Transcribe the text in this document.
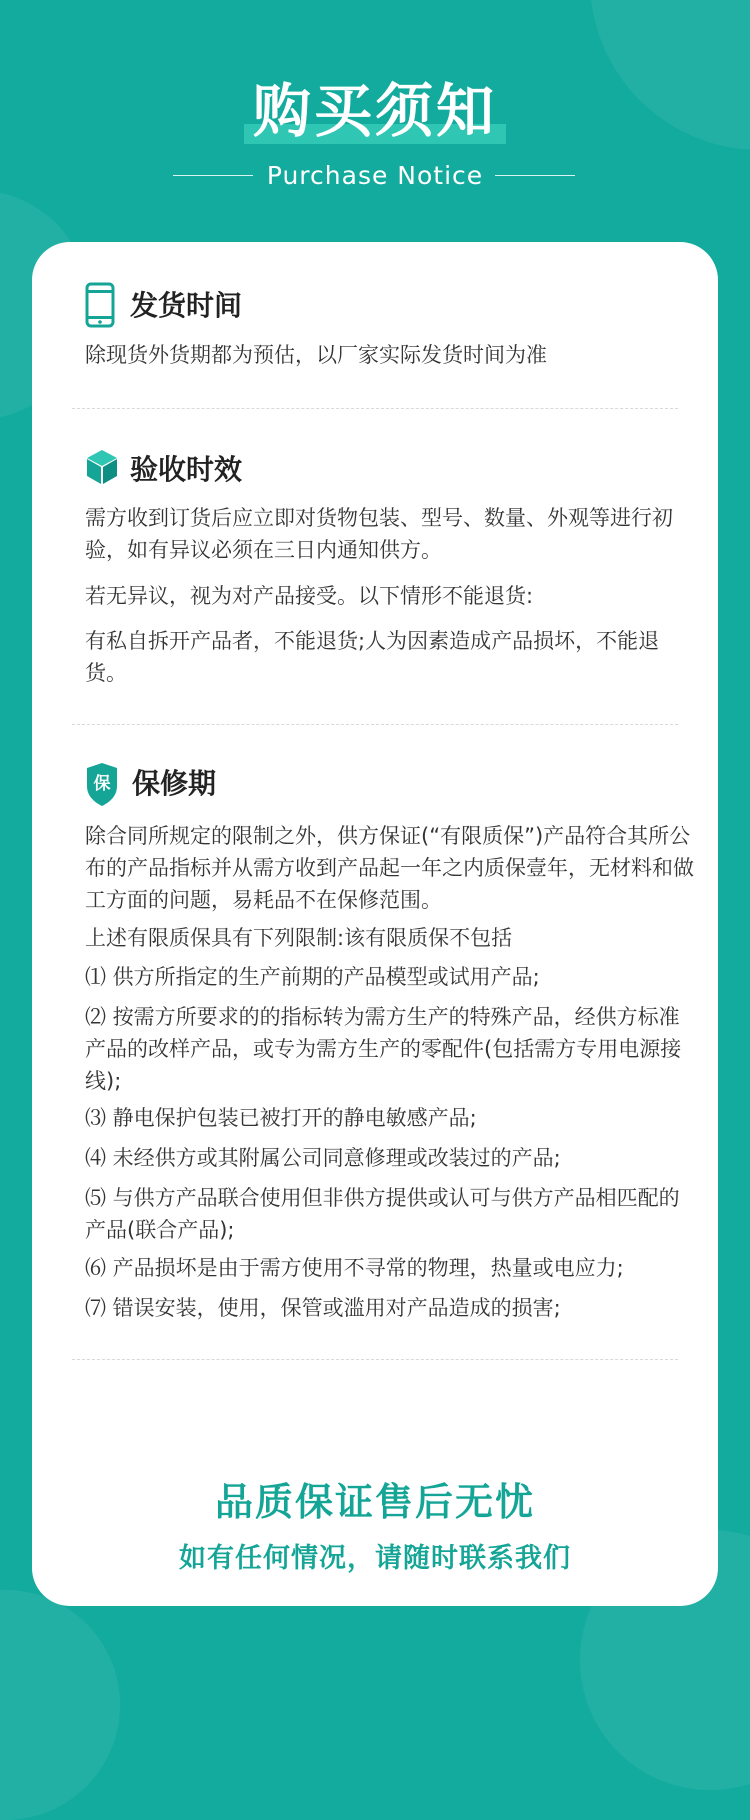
购买须知
Purchase Notice
发货时间
除现货外货期都为预估，以厂家实际发货时间为准
验收时效
需方收到订货后应立即对货物包装、型号、数量、外观等进行初验，如有异议必须在三日内通知供方。
若无异议，视为对产品接受。以下情形不能退货:
有私自拆开产品者，不能退货;人为因素造成产品损坏，不能退货。
保 保修期
除合同所规定的限制之外，供方保证(“有限质保”)产品符合其所公布的产品指标并从需方收到产品起一年之内质保壹年，无材料和做工方面的问题，易耗品不在保修范围。
上述有限质保具有下列限制:该有限质保不包括
⑴ 供方所指定的生产前期的产品模型或试用产品;
⑵ 按需方所要求的的指标转为需方生产的特殊产品，经供方标准产品的改样产品，或专为需方生产的零配件(包括需方专用电源接线);
⑶ 静电保护包装已被打开的静电敏感产品;
⑷ 未经供方或其附属公司同意修理或改装过的产品;
⑸ 与供方产品联合使用但非供方提供或认可与供方产品相匹配的产品(联合产品);
⑹ 产品损坏是由于需方使用不寻常的物理，热量或电应力;
⑺ 错误安装，使用，保管或滥用对产品造成的损害;
品质保证售后无忧
如有任何情况，请随时联系我们
